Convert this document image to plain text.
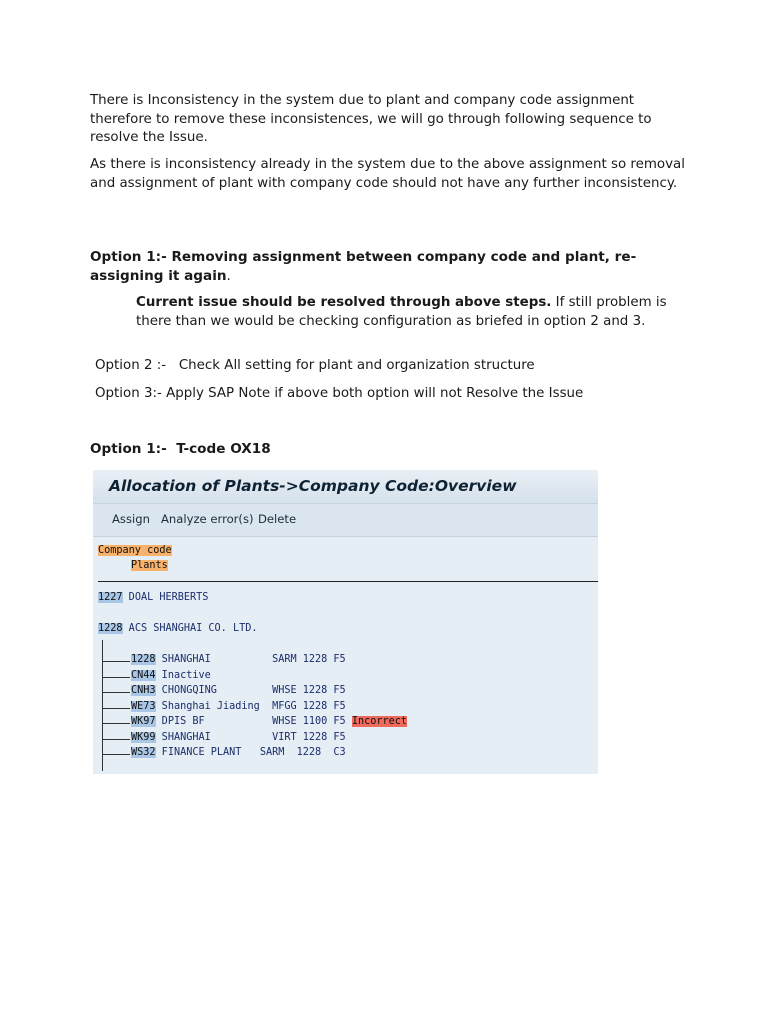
There is Inconsistency in the system due to plant and company code assignment therefore to remove these inconsistences, we will go through following sequence to resolve the Issue.

As there is inconsistency already in the system due to the above assignment so removal and assignment of plant with company code should not have any further inconsistency.

Option 1:- Removing assignment between company code and plant, re-assigning it again.
Current issue should be resolved through above steps. If still problem is there than we would be checking configuration as briefed in option 2 and 3.
Option 2 :-   Check All setting for plant and organization structure
Option 3:- Apply SAP Note if above both option will not Resolve the Issue
Option 1:-  T-code OX18
Allocation of Plants->Company Code:Overview
Assign Analyze error(s) Delete
Company code
Plants
1227 DOAL HERBERTS
1228 ACS SHANGHAI CO. LTD.
1228 SHANGHAI          SARM 1228 F5
CN44 Inactive
CNH3 CHONGQING         WHSE 1228 F5
WE73 Shanghai Jiading  MFGG 1228 F5
WK97 DPIS BF           WHSE 1100 F5 Incorrect
WK99 SHANGHAI          VIRT 1228 F5
WS32 FINANCE PLANT   SARM  1228  C3
